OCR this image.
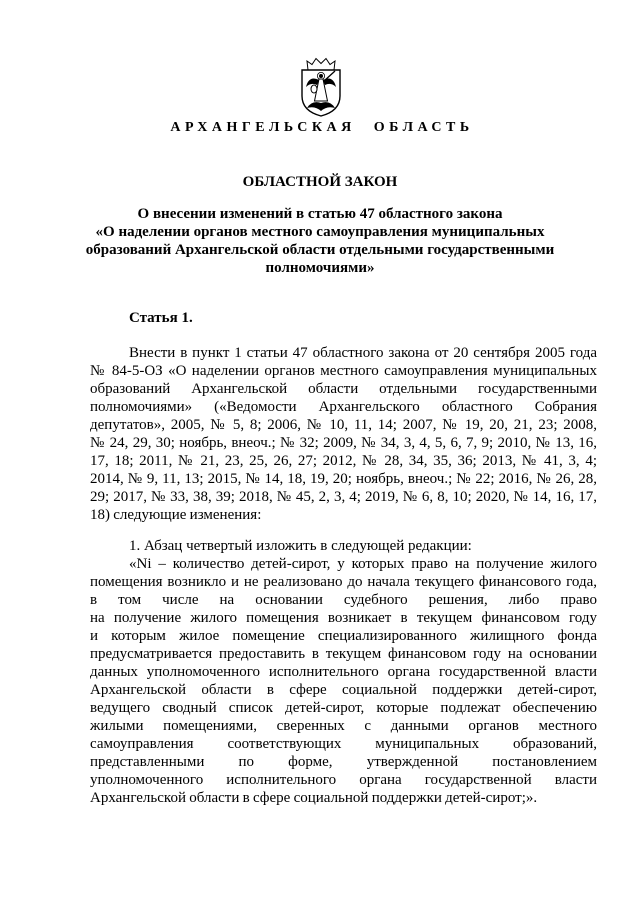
АРХАНГЕЛЬСКАЯ ОБЛАСТЬ
ОБЛАСТНОЙ ЗАКОН
О внесении изменений в статью 47 областного закона
«О наделении органов местного самоуправления муниципальных
образований Архангельской области отдельными государственными
полномочиями»
Статья 1.
Внести в пункт 1 статьи 47 областного закона от 20 сентября 2005 года
№ 84-5-ОЗ «О наделении органов местного самоуправления муниципальных
образований Архангельской области отдельными государственными
полномочиями» («Ведомости Архангельского областного Собрания
депутатов», 2005, № 5, 8; 2006, № 10, 11, 14; 2007, № 19, 20, 21, 23; 2008,
№ 24, 29, 30; ноябрь, внеоч.; № 32; 2009, № 34, 3, 4, 5, 6, 7, 9; 2010, № 13, 16,
17, 18; 2011, № 21, 23, 25, 26, 27; 2012, № 28, 34, 35, 36; 2013, № 41, 3, 4;
2014, № 9, 11, 13; 2015, № 14, 18, 19, 20; ноябрь, внеоч.; № 22; 2016, № 26, 28,
29; 2017, № 33, 38, 39; 2018, № 45, 2, 3, 4; 2019, № 6, 8, 10; 2020, № 14, 16, 17,
18) следующие изменения:
1. Абзац четвертый изложить в следующей редакции:
«Ni – количество детей-сирот, у которых право на получение жилого
помещения возникло и не реализовано до начала текущего финансового года,
в том числе на основании судебного решения, либо право
на получение жилого помещения возникает в текущем финансовом году
и которым жилое помещение специализированного жилищного фонда
предусматривается предоставить в текущем финансовом году на основании
данных уполномоченного исполнительного органа государственной власти
Архангельской области в сфере социальной поддержки детей-сирот,
ведущего сводный список детей-сирот, которые подлежат обеспечению
жилыми помещениями, сверенных с данными органов местного
самоуправления соответствующих муниципальных образований,
представленными по форме, утвержденной постановлением
уполномоченного исполнительного органа государственной власти
Архангельской области в сфере социальной поддержки детей-сирот;».
